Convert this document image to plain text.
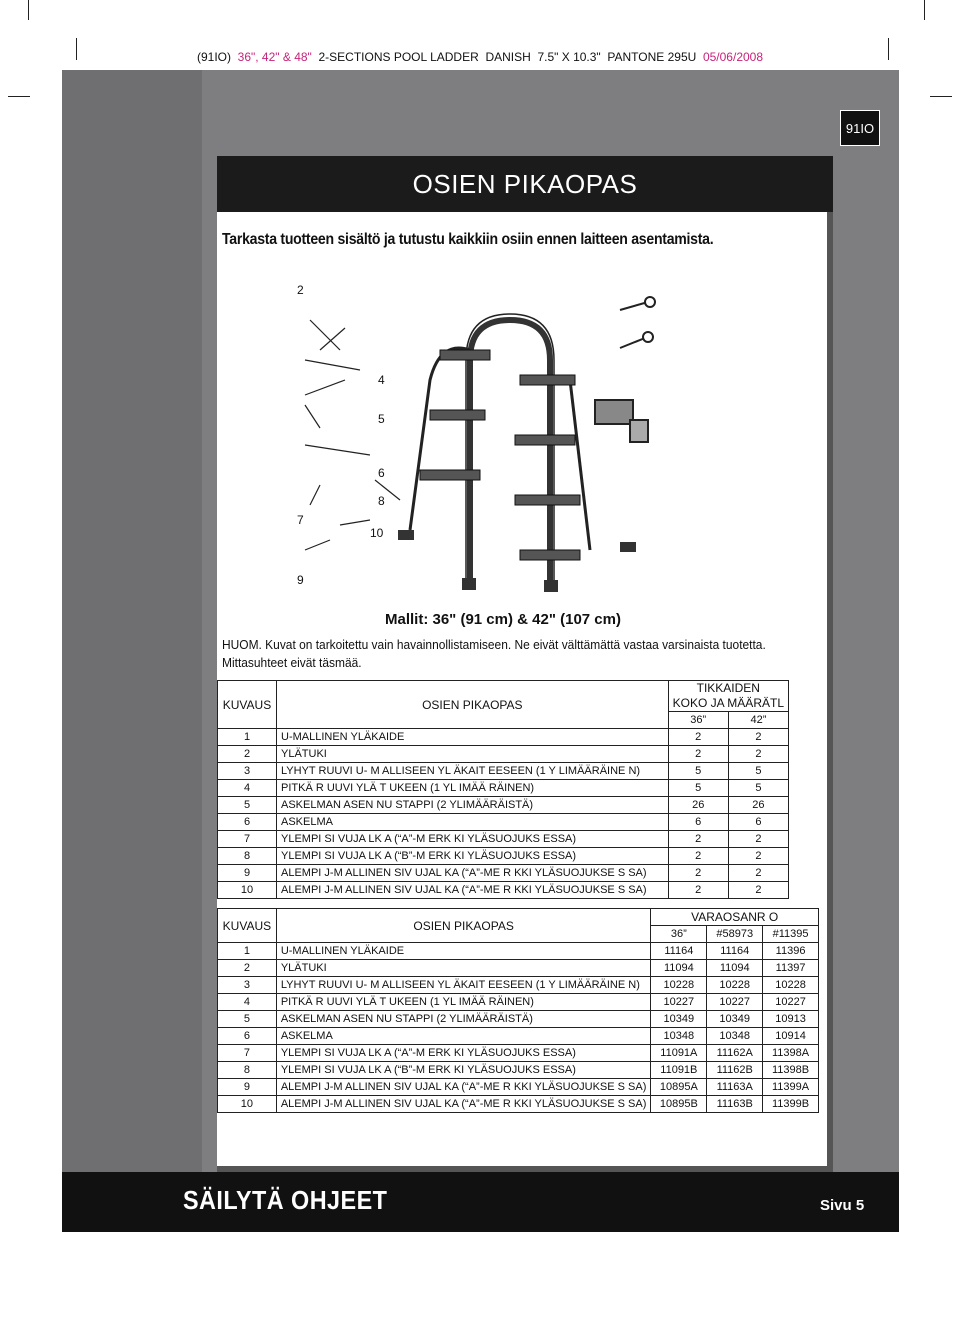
(91IO) 36", 42" & 48" 2-SECTIONS POOL LADDER DANISH 7.5" X 10.3" PANTONE 295U 05/06/2008
91IO
OSIEN PIKAOPAS
Tarkasta tuotteen sisältö ja tutustu kaikkiin osiin ennen laitteen asentamista.
2
4
5
6
8
7
10
9
Mallit: 36" (91 cm) & 42" (107 cm)
HUOM. Kuvat on tarkoitettu vain havainnollistamiseen. Ne eivät välttämättä vastaa varsinaista tuotetta. Mittasuhteet eivät täsmää.
KUVAUS	OSIEN PIKAOPAS	TIKKAIDEN
KOKO JA MÄÄRÄTL	

		36”	42”
1	U-MALLINEN YLÄKAIDE	2	2
2	YLÄTUKI	2	2
3	LYHYT RUUVI U- M ALLISEEN YL ÄKAIT EESEEN (1 Y LIMÄÄRÄINE N)	5	5
4	PITKÄ R UUVI YLÄ T UKEEN (1 YL IMÄÄ RÄINEN)	5	5
5	ASKELMAN ASEN NU STAPPI (2 YLIMÄÄRÄISTÄ)	26	26
6	ASKELMA	6	6
7	YLEMPI SI VUJA LK A (“A”-M ERK KI YLÄSUOJUKS ESSA)	2	2
8	YLEMPI SI VUJA LK A (“B”-M ERK KI YLÄSUOJUKS ESSA)	2	2
9	ALEMPI J-M ALLINEN SIV UJAL KA (“A”-ME R KKI YLÄSUOJUKSE S SA)	2	2
10	ALEMPI J-M ALLINEN SIV UJAL KA (“A”-ME R KKI YLÄSUOJUKSE S SA)	2	2
KUVAUS	OSIEN PIKAOPAS	VARAOSANR O		
		36”	#58973	#11395
1	U-MALLINEN YLÄKAIDE	11164	11164	11396
2	YLÄTUKI	11094	11094	11397
3	LYHYT RUUVI U- M ALLISEEN YL ÄKAIT EESEEN (1 Y LIMÄÄRÄINE N)	10228	10228	10228
4	PITKÄ R UUVI YLÄ T UKEEN (1 YL IMÄÄ RÄINEN)	10227	10227	10227
5	ASKELMAN ASEN NU STAPPI (2 YLIMÄÄRÄISTÄ)	10349	10349	10913
6	ASKELMA	10348	10348	10914
7	YLEMPI SI VUJA LK A (“A”-M ERK KI YLÄSUOJUKS ESSA)	11091A	11162A	11398A
8	YLEMPI SI VUJA LK A (“B”-M ERK KI YLÄSUOJUKS ESSA)	11091B	11162B	11398B
9	ALEMPI J-M ALLINEN SIV UJAL KA (“A”-ME R KKI YLÄSUOJUKSE S SA)	10895A	11163A	11399A
10	ALEMPI J-M ALLINEN SIV UJAL KA (“A”-ME R KKI YLÄSUOJUKSE S SA)	10895B	11163B	11399B
SÄILYTÄ OHJEET	Sivu 5
